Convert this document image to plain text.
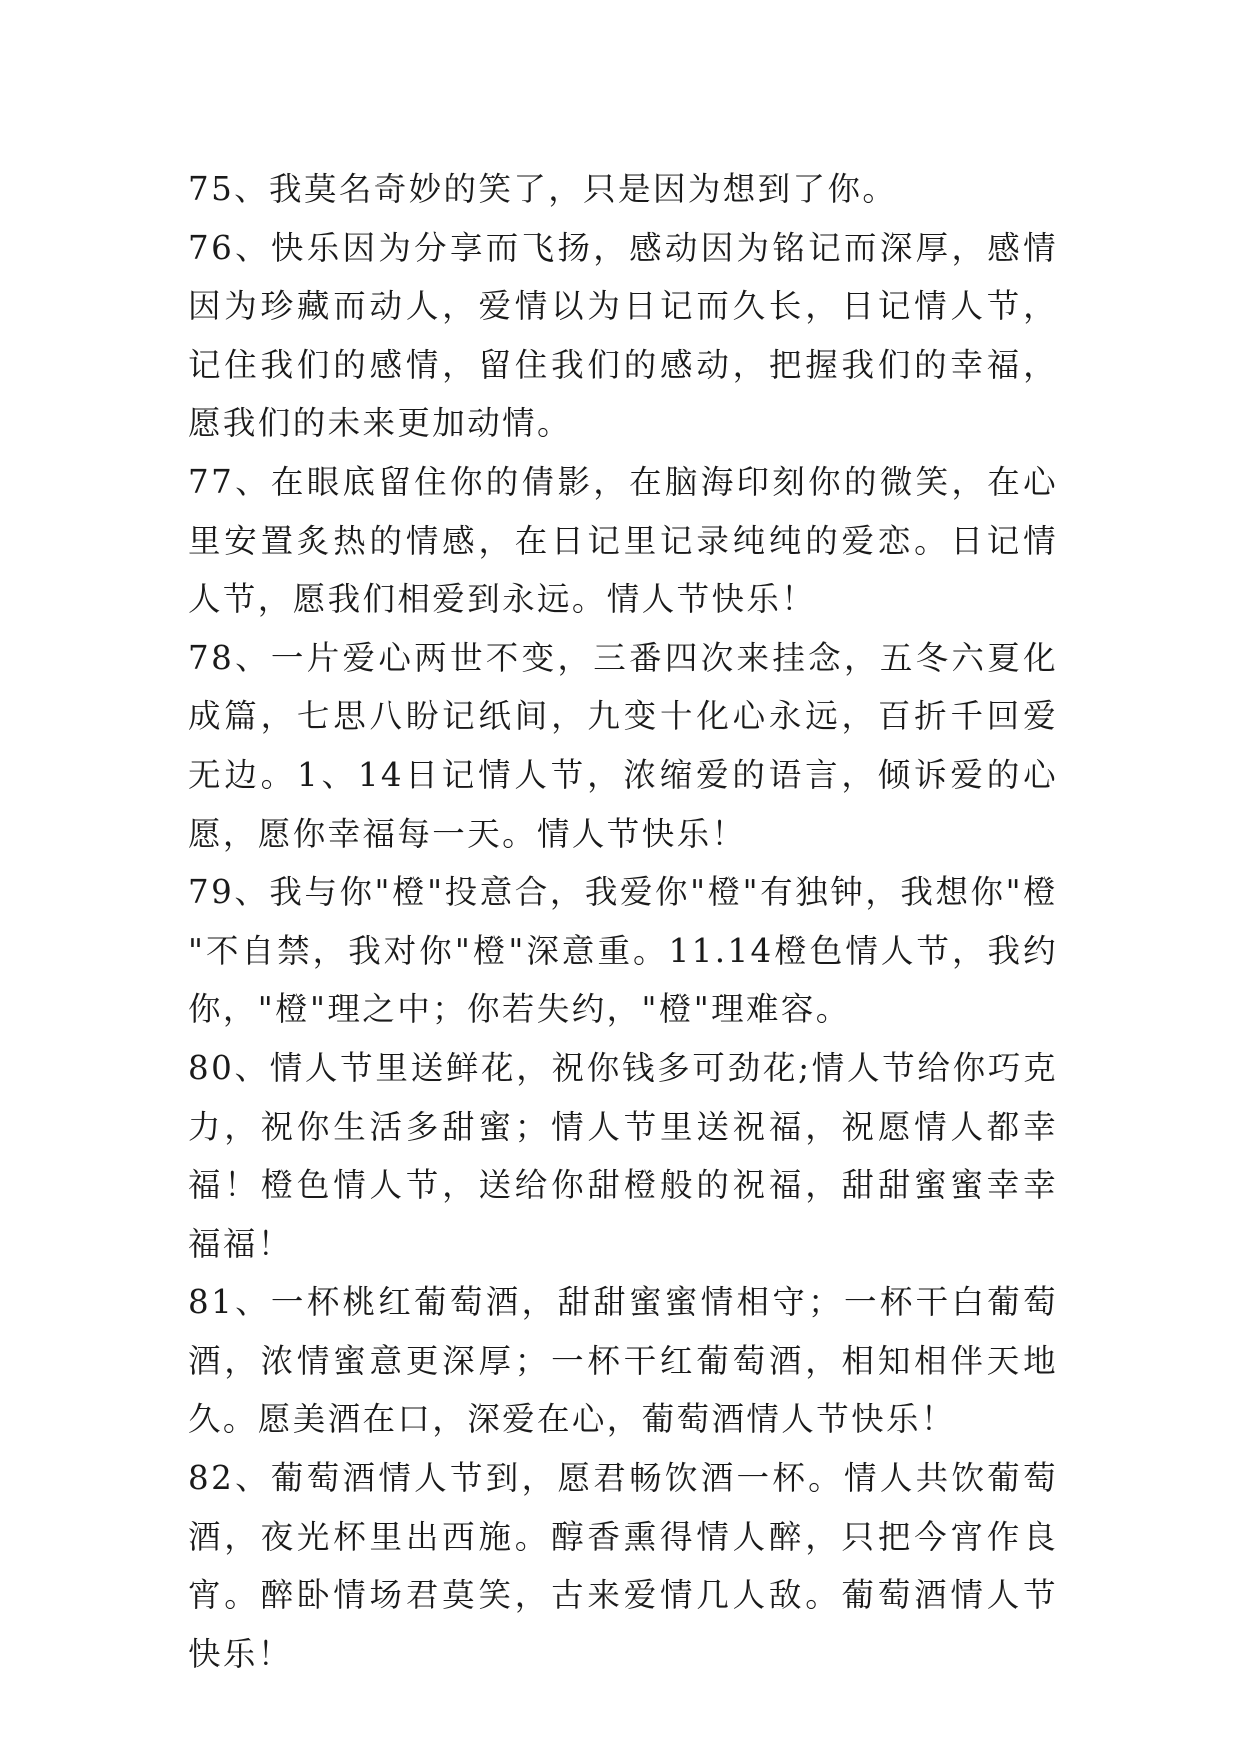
75、我莫名奇妙的笑了，只是因为想到了你。

76、快乐因为分享而飞扬，感动因为铭记而深厚，感情因为珍藏而动人，爱情以为日记而久长，日记情人节，记住我们的感情，留住我们的感动，把握我们的幸福，愿我们的未来更加动情。

77、在眼底留住你的倩影，在脑海印刻你的微笑，在心里安置炙热的情感，在日记里记录纯纯的爱恋。日记情人节，愿我们相爱到永远。情人节快乐！

78、一片爱心两世不变，三番四次来挂念，五冬六夏化成篇，七思八盼记纸间，九变十化心永远，百折千回爱无边。1、14日记情人节，浓缩爱的语言，倾诉爱的心愿，愿你幸福每一天。情人节快乐！

79、我与你"橙"投意合，我爱你"橙"有独钟，我想你"橙"不自禁，我对你"橙"深意重。11.14橙色情人节，我约你，"橙"理之中；你若失约，"橙"理难容。

80、情人节里送鲜花，祝你钱多可劲花;情人节给你巧克力，祝你生活多甜蜜；情人节里送祝福，祝愿情人都幸福！橙色情人节，送给你甜橙般的祝福，甜甜蜜蜜幸幸福福！

81、一杯桃红葡萄酒，甜甜蜜蜜情相守；一杯干白葡萄酒，浓情蜜意更深厚；一杯干红葡萄酒，相知相伴天地久。愿美酒在口，深爱在心，葡萄酒情人节快乐！

82、葡萄酒情人节到，愿君畅饮酒一杯。情人共饮葡萄酒，夜光杯里出西施。醇香熏得情人醉，只把今宵作良宵。醉卧情场君莫笑，古来爱情几人敌。葡萄酒情人节快乐！
